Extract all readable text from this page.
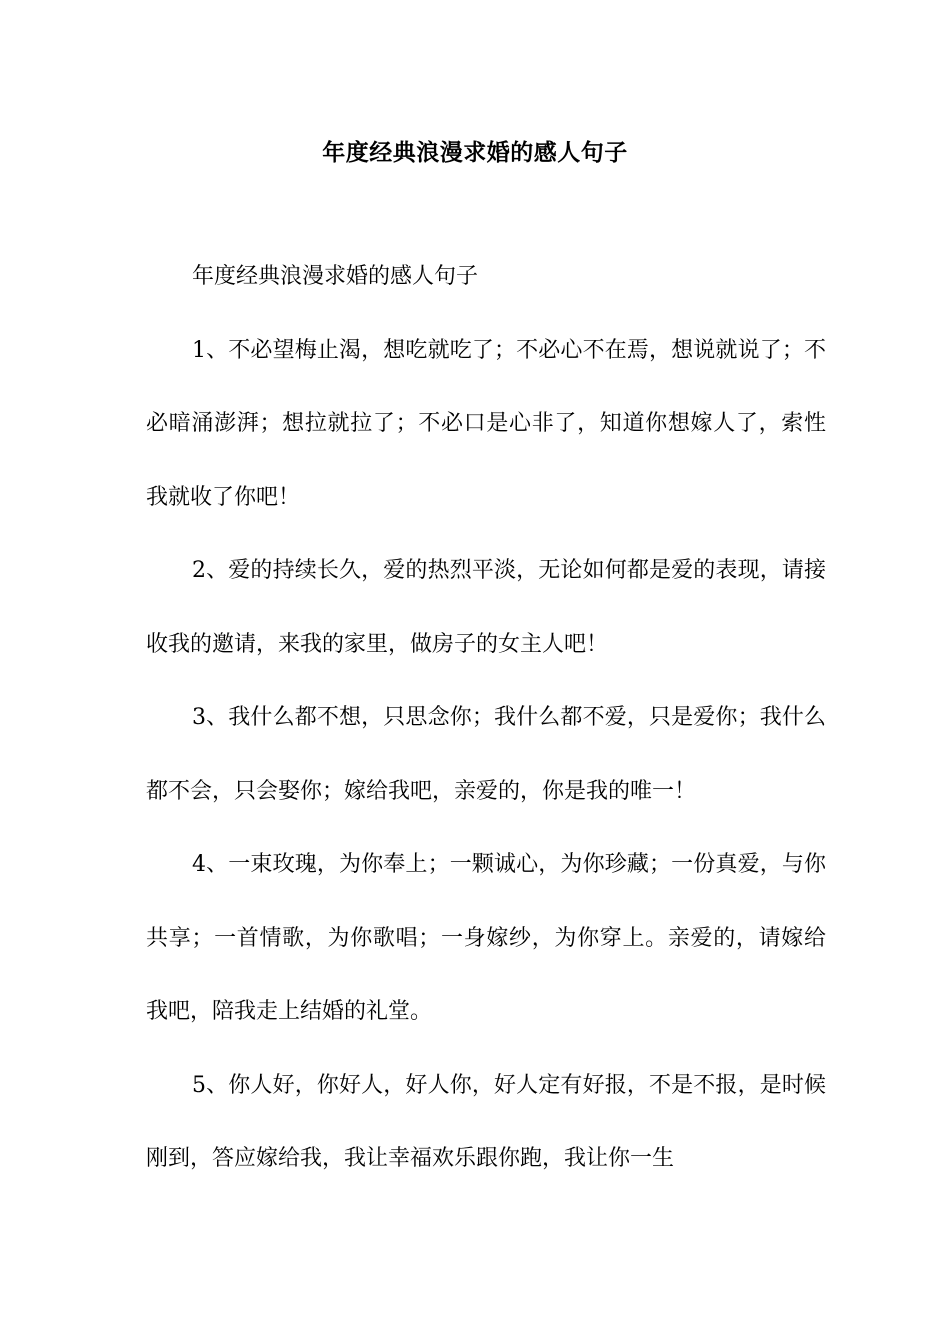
年度经典浪漫求婚的感人句子

年度经典浪漫求婚的感人句子

1、不必望梅止渴，想吃就吃了；不必心不在焉，想说就说了；不必暗涌澎湃；想拉就拉了；不必口是心非了，知道你想嫁人了，索性我就收了你吧！

2、爱的持续长久，爱的热烈平淡，无论如何都是爱的表现，请接收我的邀请，来我的家里，做房子的女主人吧！

3、我什么都不想，只思念你；我什么都不爱，只是爱你；我什么都不会，只会娶你；嫁给我吧，亲爱的，你是我的唯一！

4、一束玫瑰，为你奉上；一颗诚心，为你珍藏；一份真爱，与你共享；一首情歌，为你歌唱；一身嫁纱，为你穿上。亲爱的，请嫁给我吧，陪我走上结婚的礼堂。

5、你人好，你好人，好人你，好人定有好报，不是不报，是时候刚到，答应嫁给我，我让幸福欢乐跟你跑，我让你一生
